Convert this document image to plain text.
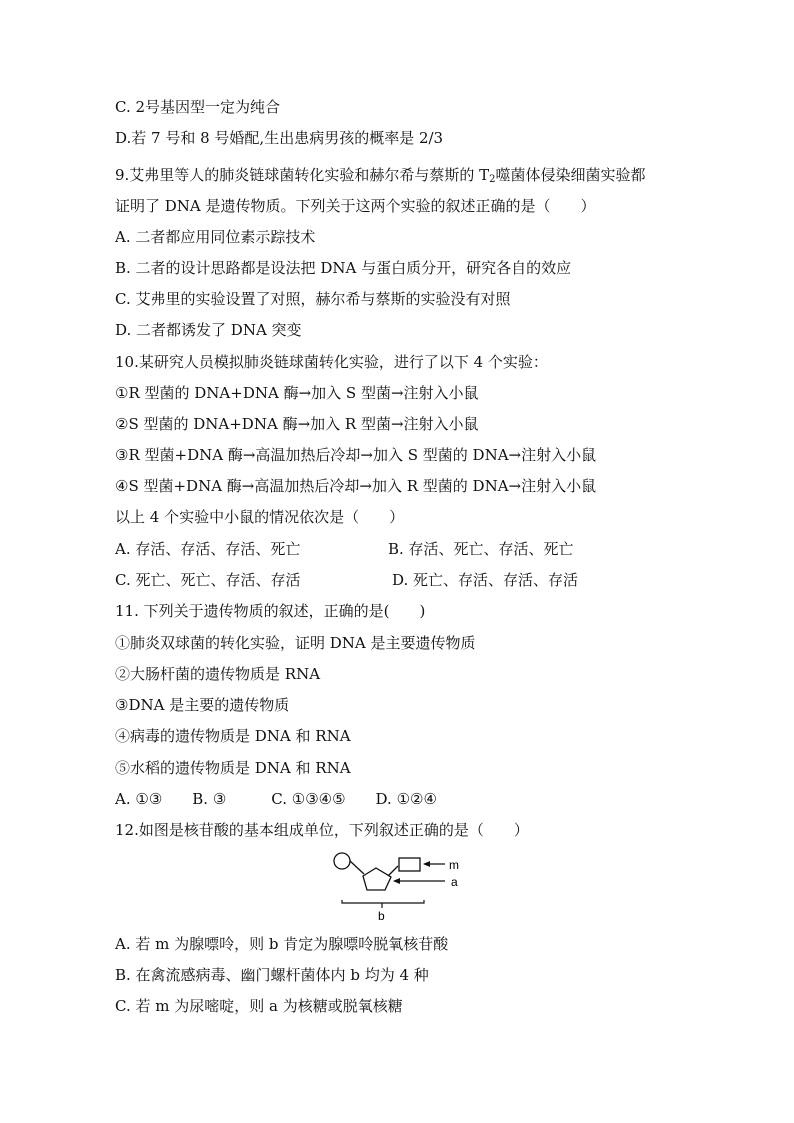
C. 2号基因型一定为纯合
D.若 7 号和 8 号婚配,生出患病男孩的概率是 2/3
9.艾弗里等人的肺炎链球菌转化实验和赫尔希与蔡斯的 $T_2$噬菌体侵染细菌实验都
证明了 DNA 是遗传物质。下列关于这两个实验的叙述正确的是（　　）
A. 二者都应用同位素示踪技术
B. 二者的设计思路都是设法把 DNA 与蛋白质分开，研究各自的效应
C. 艾弗里的实验设置了对照，赫尔希与蔡斯的实验没有对照
D. 二者都诱发了 DNA 突变
10.某研究人员模拟肺炎链球菌转化实验，进行了以下 4 个实验：
①R 型菌的 DNA+DNA 酶→加入 S 型菌→注射入小鼠
②S 型菌的 DNA+DNA 酶→加入 R 型菌→注射入小鼠
③R 型菌+DNA 酶→高温加热后冷却→加入 S 型菌的 DNA→注射入小鼠
④S 型菌+DNA 酶→高温加热后冷却→加入 R 型菌的 DNA→注射入小鼠
以上 4 个实验中小鼠的情况依次是（　　）
A. 存活、存活、存活、死亡	B. 存活、死亡、存活、死亡
C. 死亡、死亡、存活、存活	D. 死亡、存活、存活、存活
11. 下列关于遗传物质的叙述，正确的是(　　)
①肺炎双球菌的转化实验，证明 DNA 是主要遗传物质
②大肠杆菌的遗传物质是 RNA
③DNA 是主要的遗传物质
④病毒的遗传物质是 DNA 和 RNA
⑤水稻的遗传物质是 DNA 和 RNA
A. ①③　　B. ③　　　C. ①③④⑤　　D. ①②④
12.如图是核苷酸的基本组成单位，下列叙述正确的是（　　）
m
a
b
A. 若 m 为腺嘌呤，则 b 肯定为腺嘌呤脱氧核苷酸
B. 在禽流感病毒、幽门螺杆菌体内 b 均为 4 种
C. 若 m 为尿嘧啶，则 a 为核糖或脱氧核糖
